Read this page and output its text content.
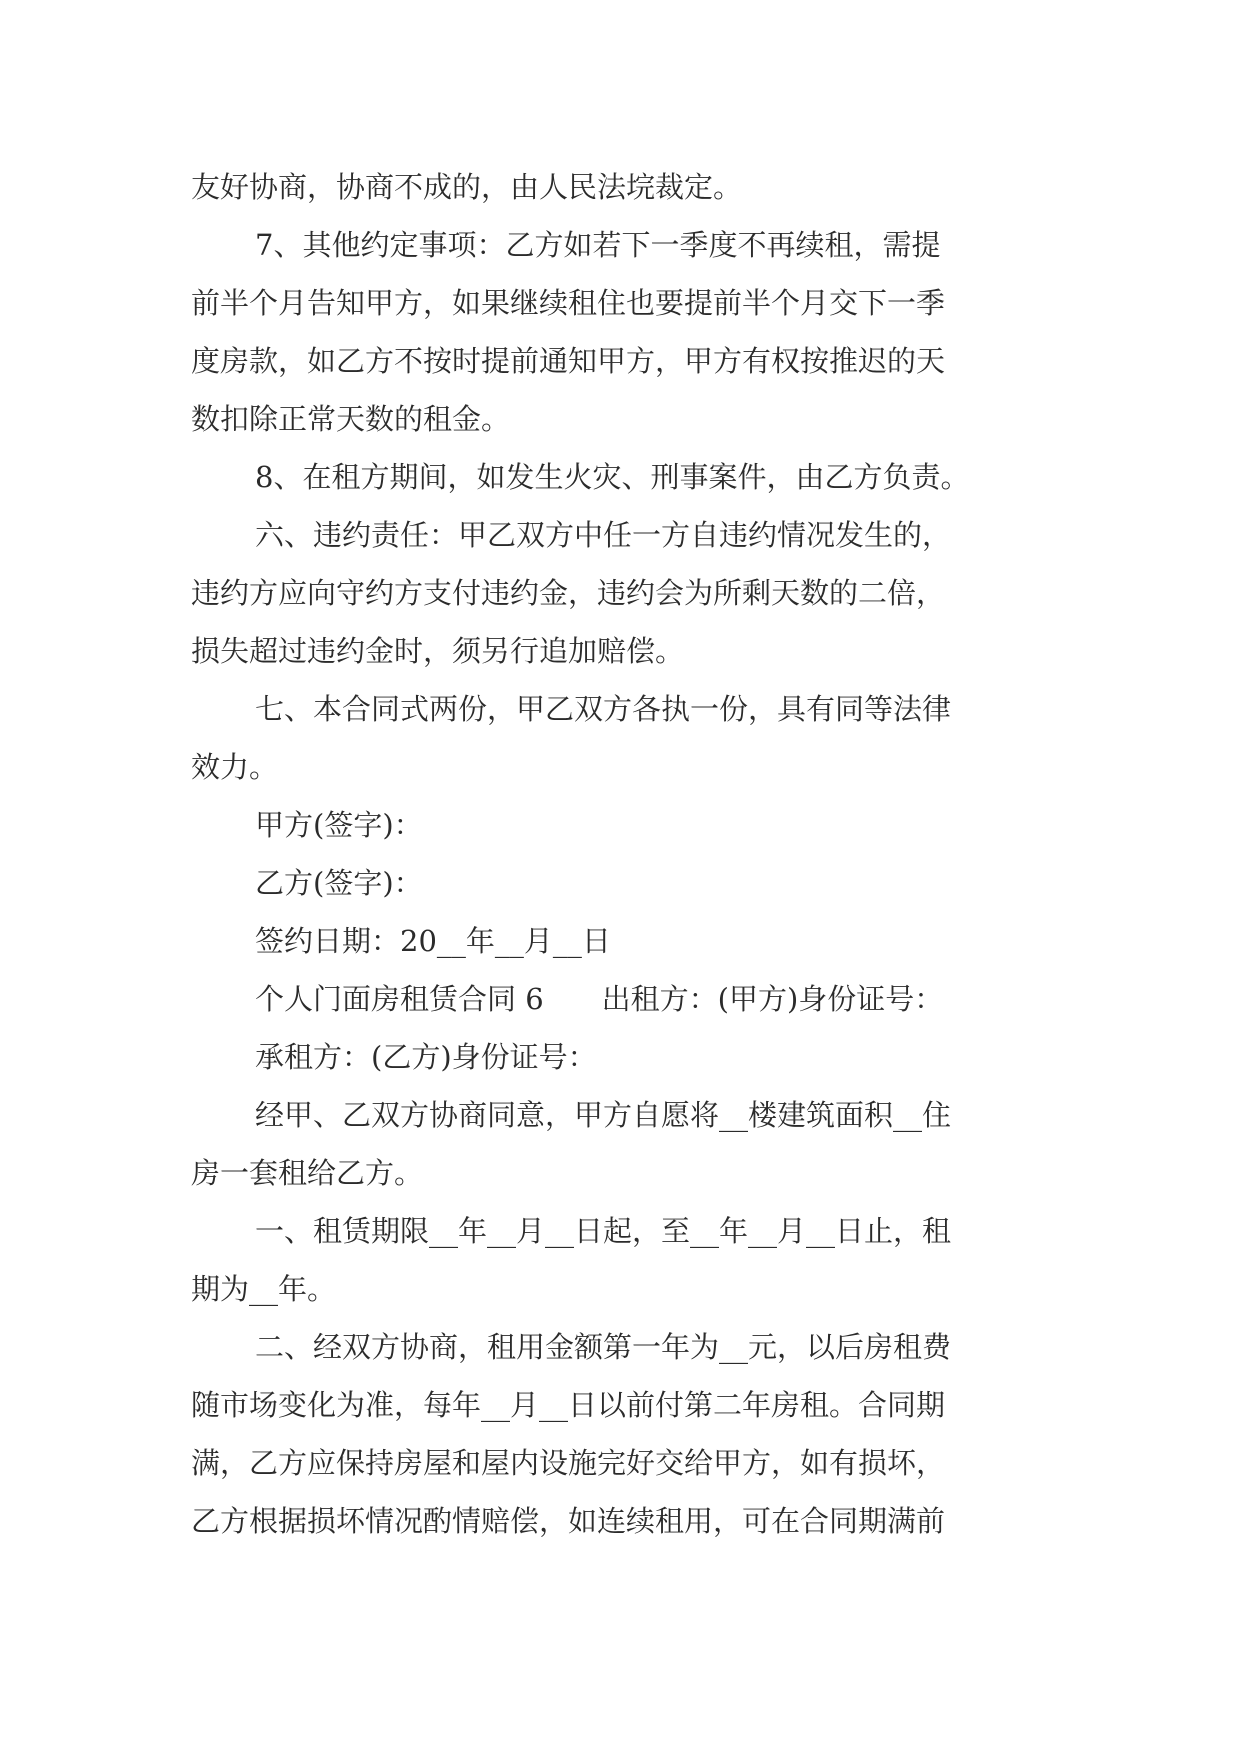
友好协商，协商不成的，由人民法垸裁定。
7、其他约定事项：乙方如若下一季度不再续租，需提
前半个月告知甲方，如果继续租住也要提前半个月交下一季
度房款，如乙方不按时提前通知甲方，甲方有权按推迟的天
数扣除正常天数的租金。
8、在租方期间，如发生火灾、刑事案件，由乙方负责。
六、违约责任：甲乙双方中任一方自违约情况发生的，
违约方应向守约方支付违约金，违约会为所剩天数的二倍，
损失超过违约金时，须另行追加赔偿。
七、本合同式两份，甲乙双方各执一份，具有同等法律
效力。
甲方(签字)：
乙方(签字)：
签约日期：20__年__月__日
个人门面房租赁合同 6 出租方：(甲方)身份证号：
承租方：(乙方)身份证号：
经甲、乙双方协商同意，甲方自愿将__楼建筑面积__住
房一套租给乙方。
一、租赁期限__年__月__日起，至__年__月__日止，租
期为__年。
二、经双方协商，租用金额第一年为__元，以后房租费
随市场变化为准，每年__月__日以前付第二年房租。合同期
满，乙方应保持房屋和屋内设施完好交给甲方，如有损坏，
乙方根据损坏情况酌情赔偿，如连续租用，可在合同期满前
